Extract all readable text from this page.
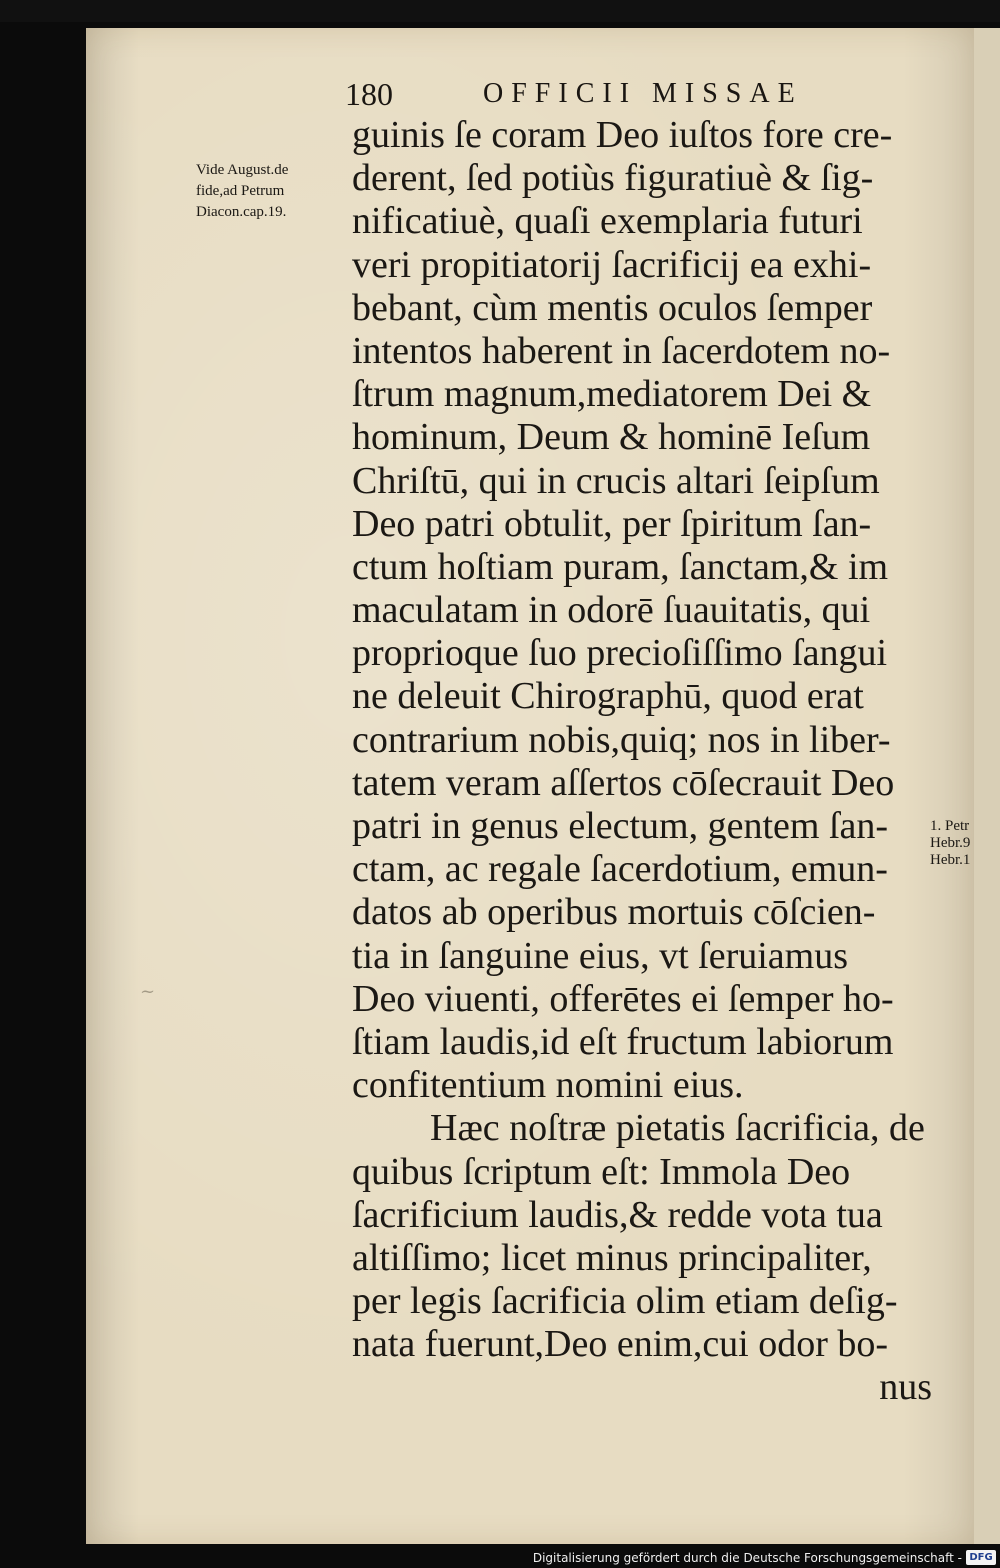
~
180	OFFICII MISSAE
Vide August.de
fide,ad Petrum
Diacon.cap.19.
guinis ſe coram Deo iuſtos fore cre-
derent, ſed potiùs figuratiuè & ſig-
nificatiuè, quaſi exemplaria futuri
veri propitiatorij ſacrificij ea exhi-
bebant, cùm mentis oculos ſemper
intentos haberent in ſacerdotem no-
ſtrum magnum,mediatorem Dei &
hominum, Deum & hominē Ieſum
Chriſtū, qui in crucis altari ſeipſum
Deo patri obtulit, per ſpiritum ſan-
ctum hoſtiam puram, ſanctam,& im
maculatam in odorē ſuauitatis, qui
proprioque ſuo precioſiſſimo ſangui
ne deleuit Chirographū, quod erat
contrarium nobis,quiq; nos in liber-
tatem veram aſſertos cōſecrauit Deo
patri in genus electum, gentem ſan-
ctam, ac regale ſacerdotium, emun-
datos ab operibus mortuis cōſcien-
tia in ſanguine eius, vt ſeruiamus
Deo viuenti, offerētes ei ſemper ho-
ſtiam laudis,id eſt fructum labiorum
confitentium nomini eius.
Hæc noſtræ pietatis ſacrificia, de
quibus ſcriptum eſt: Immola Deo
ſacrificium laudis,& redde vota tua
altiſſimo; licet minus principaliter,
per legis ſacrificia olim etiam deſig-
nata fuerunt,Deo enim,cui odor bo-
nus
1. Petr
Hebr.9
Hebr.1
Digitalisierung gefördert durch die Deutsche Forschungsgemeinschaft - DFG
